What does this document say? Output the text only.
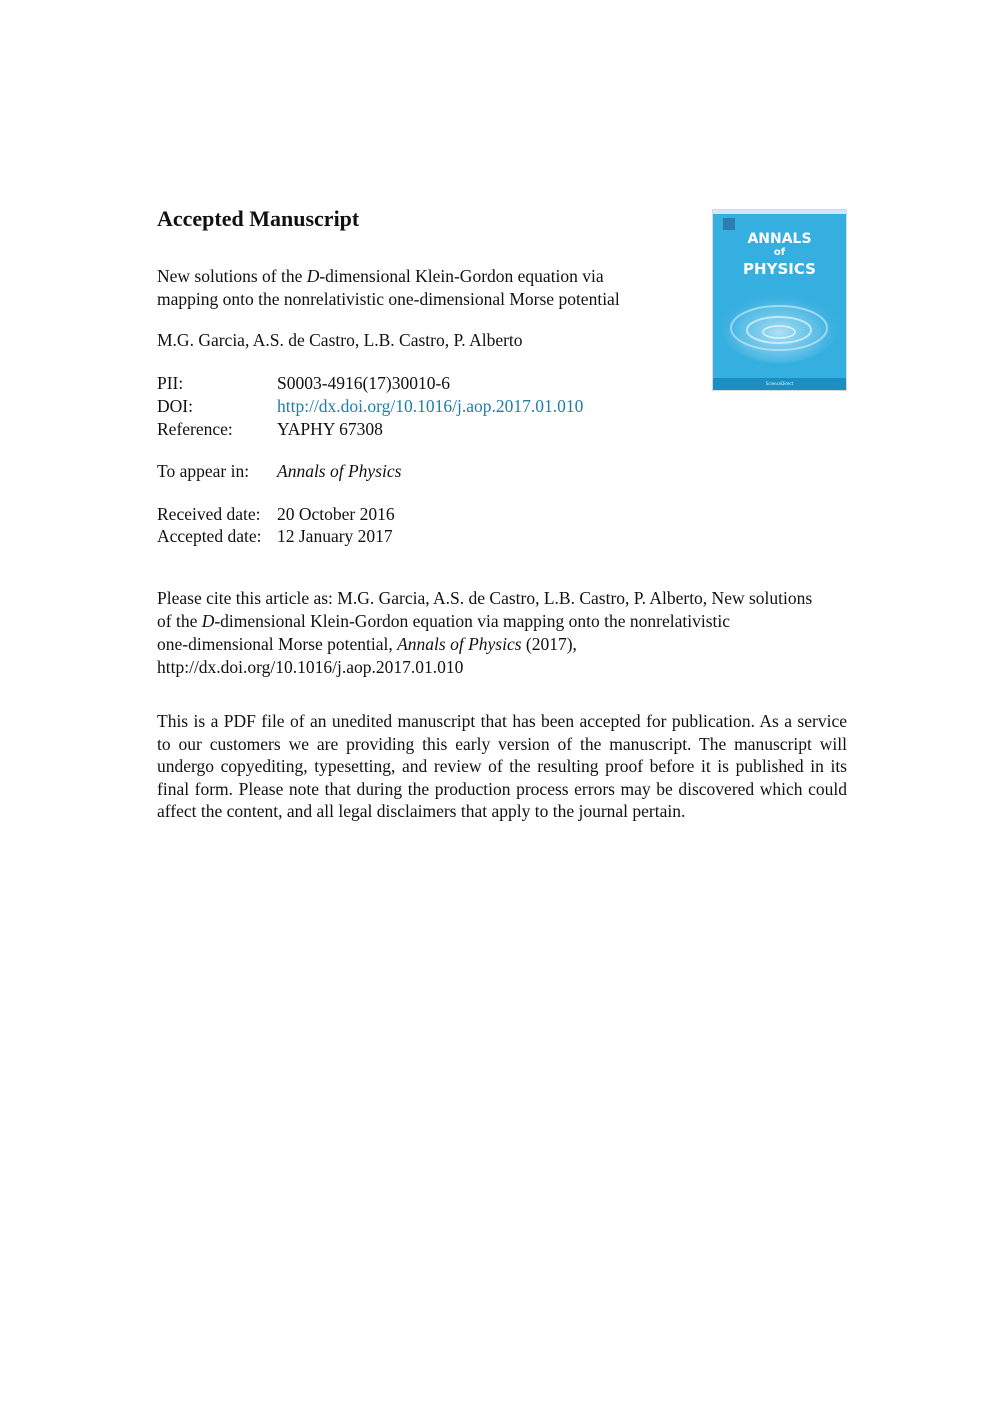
Accepted Manuscript
New solutions of the D-dimensional Klein-Gordon equation via
mapping onto the nonrelativistic one-dimensional Morse potential
M.G. Garcia, A.S. de Castro, L.B. Castro, P. Alberto
PII:	S0003-4916(17)30010-6
DOI:	http://dx.doi.org/10.1016/j.aop.2017.01.010
Reference:	YAPHY 67308
To appear in: Annals of Physics
Received date: 20 October 2016
Accepted date: 12 January 2017
Please cite this article as: M.G. Garcia, A.S. de Castro, L.B. Castro, P. Alberto, New solutions
of the D-dimensional Klein-Gordon equation via mapping onto the nonrelativistic
one-dimensional Morse potential, Annals of Physics (2017),
http://dx.doi.org/10.1016/j.aop.2017.01.010
This is a PDF file of an unedited manuscript that has been accepted for publication. As a service to our customers we are providing this early version of the manuscript. The manuscript will undergo copyediting, typesetting, and review of the resulting proof before it is published in its final form. Please note that during the production process errors may be discovered which could affect the content, and all legal disclaimers that apply to the journal pertain.
ANNALS
of
PHYSICS
ScienceDirect
